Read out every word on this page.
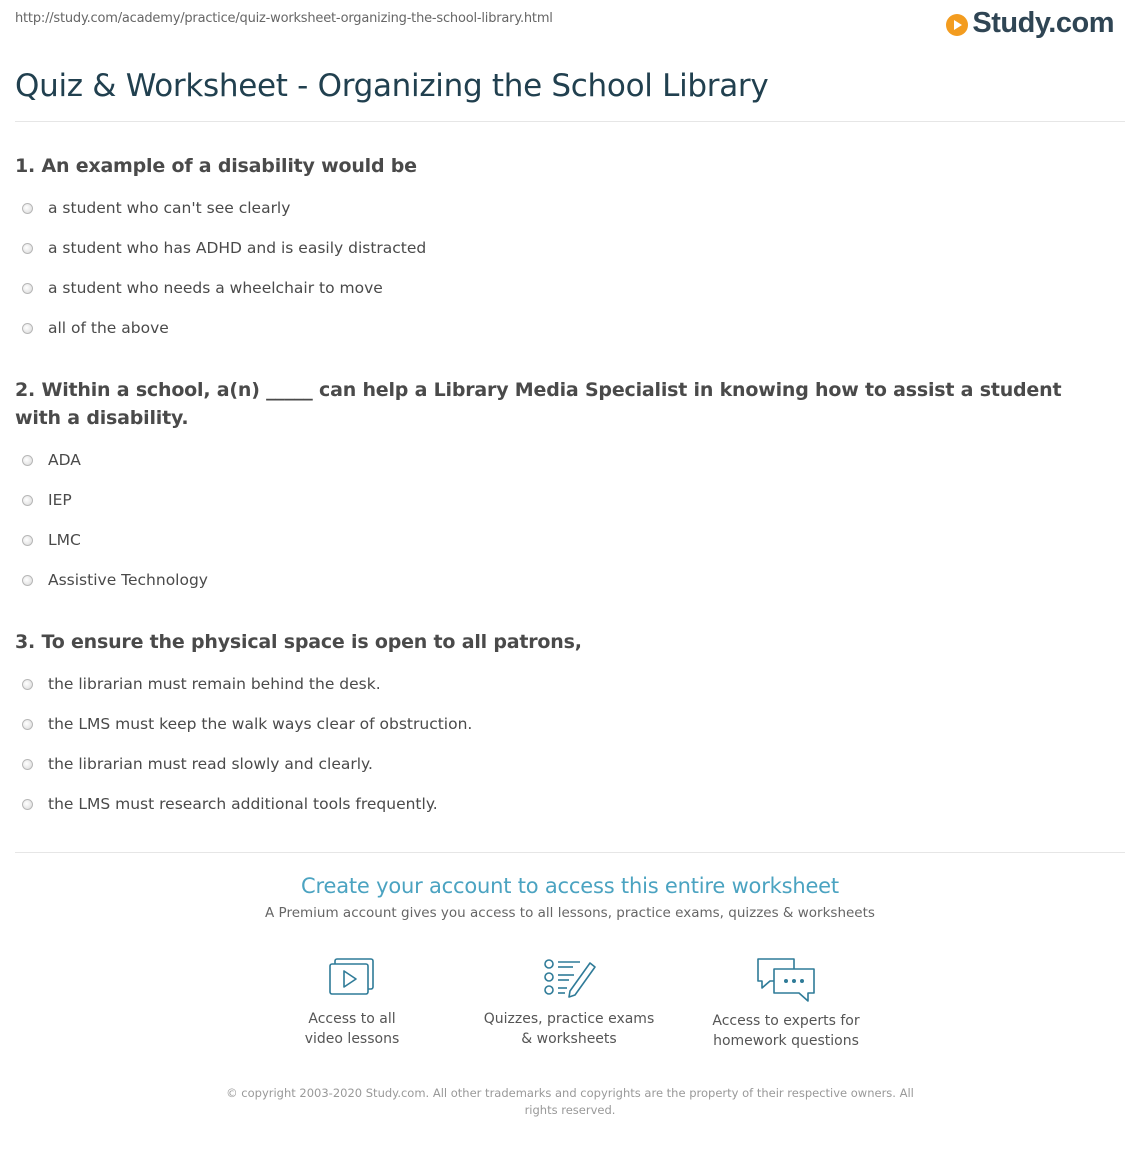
http://study.com/academy/practice/quiz-worksheet-organizing-the-school-library.html	Study.com
Quiz & Worksheet - Organizing the School Library
1. An example of a disability would be
a student who can't see clearly
a student who has ADHD and is easily distracted
a student who needs a wheelchair to move
all of the above
2. Within a school, a(n) _____ can help a Library Media Specialist in knowing how to assist a student with a disability.
ADA
IEP
LMC
Assistive Technology
3. To ensure the physical space is open to all patrons,
the librarian must remain behind the desk.
the LMS must keep the walk ways clear of obstruction.
the librarian must read slowly and clearly.
the LMS must research additional tools frequently.
Create your account to access this entire worksheet
A Premium account gives you access to all lessons, practice exams, quizzes & worksheets
Access to all
video lessons
Quizzes, practice exams
& worksheets
Access to experts for
homework questions
© copyright 2003-2020 Study.com. All other trademarks and copyrights are the property of their respective owners. All rights reserved.
